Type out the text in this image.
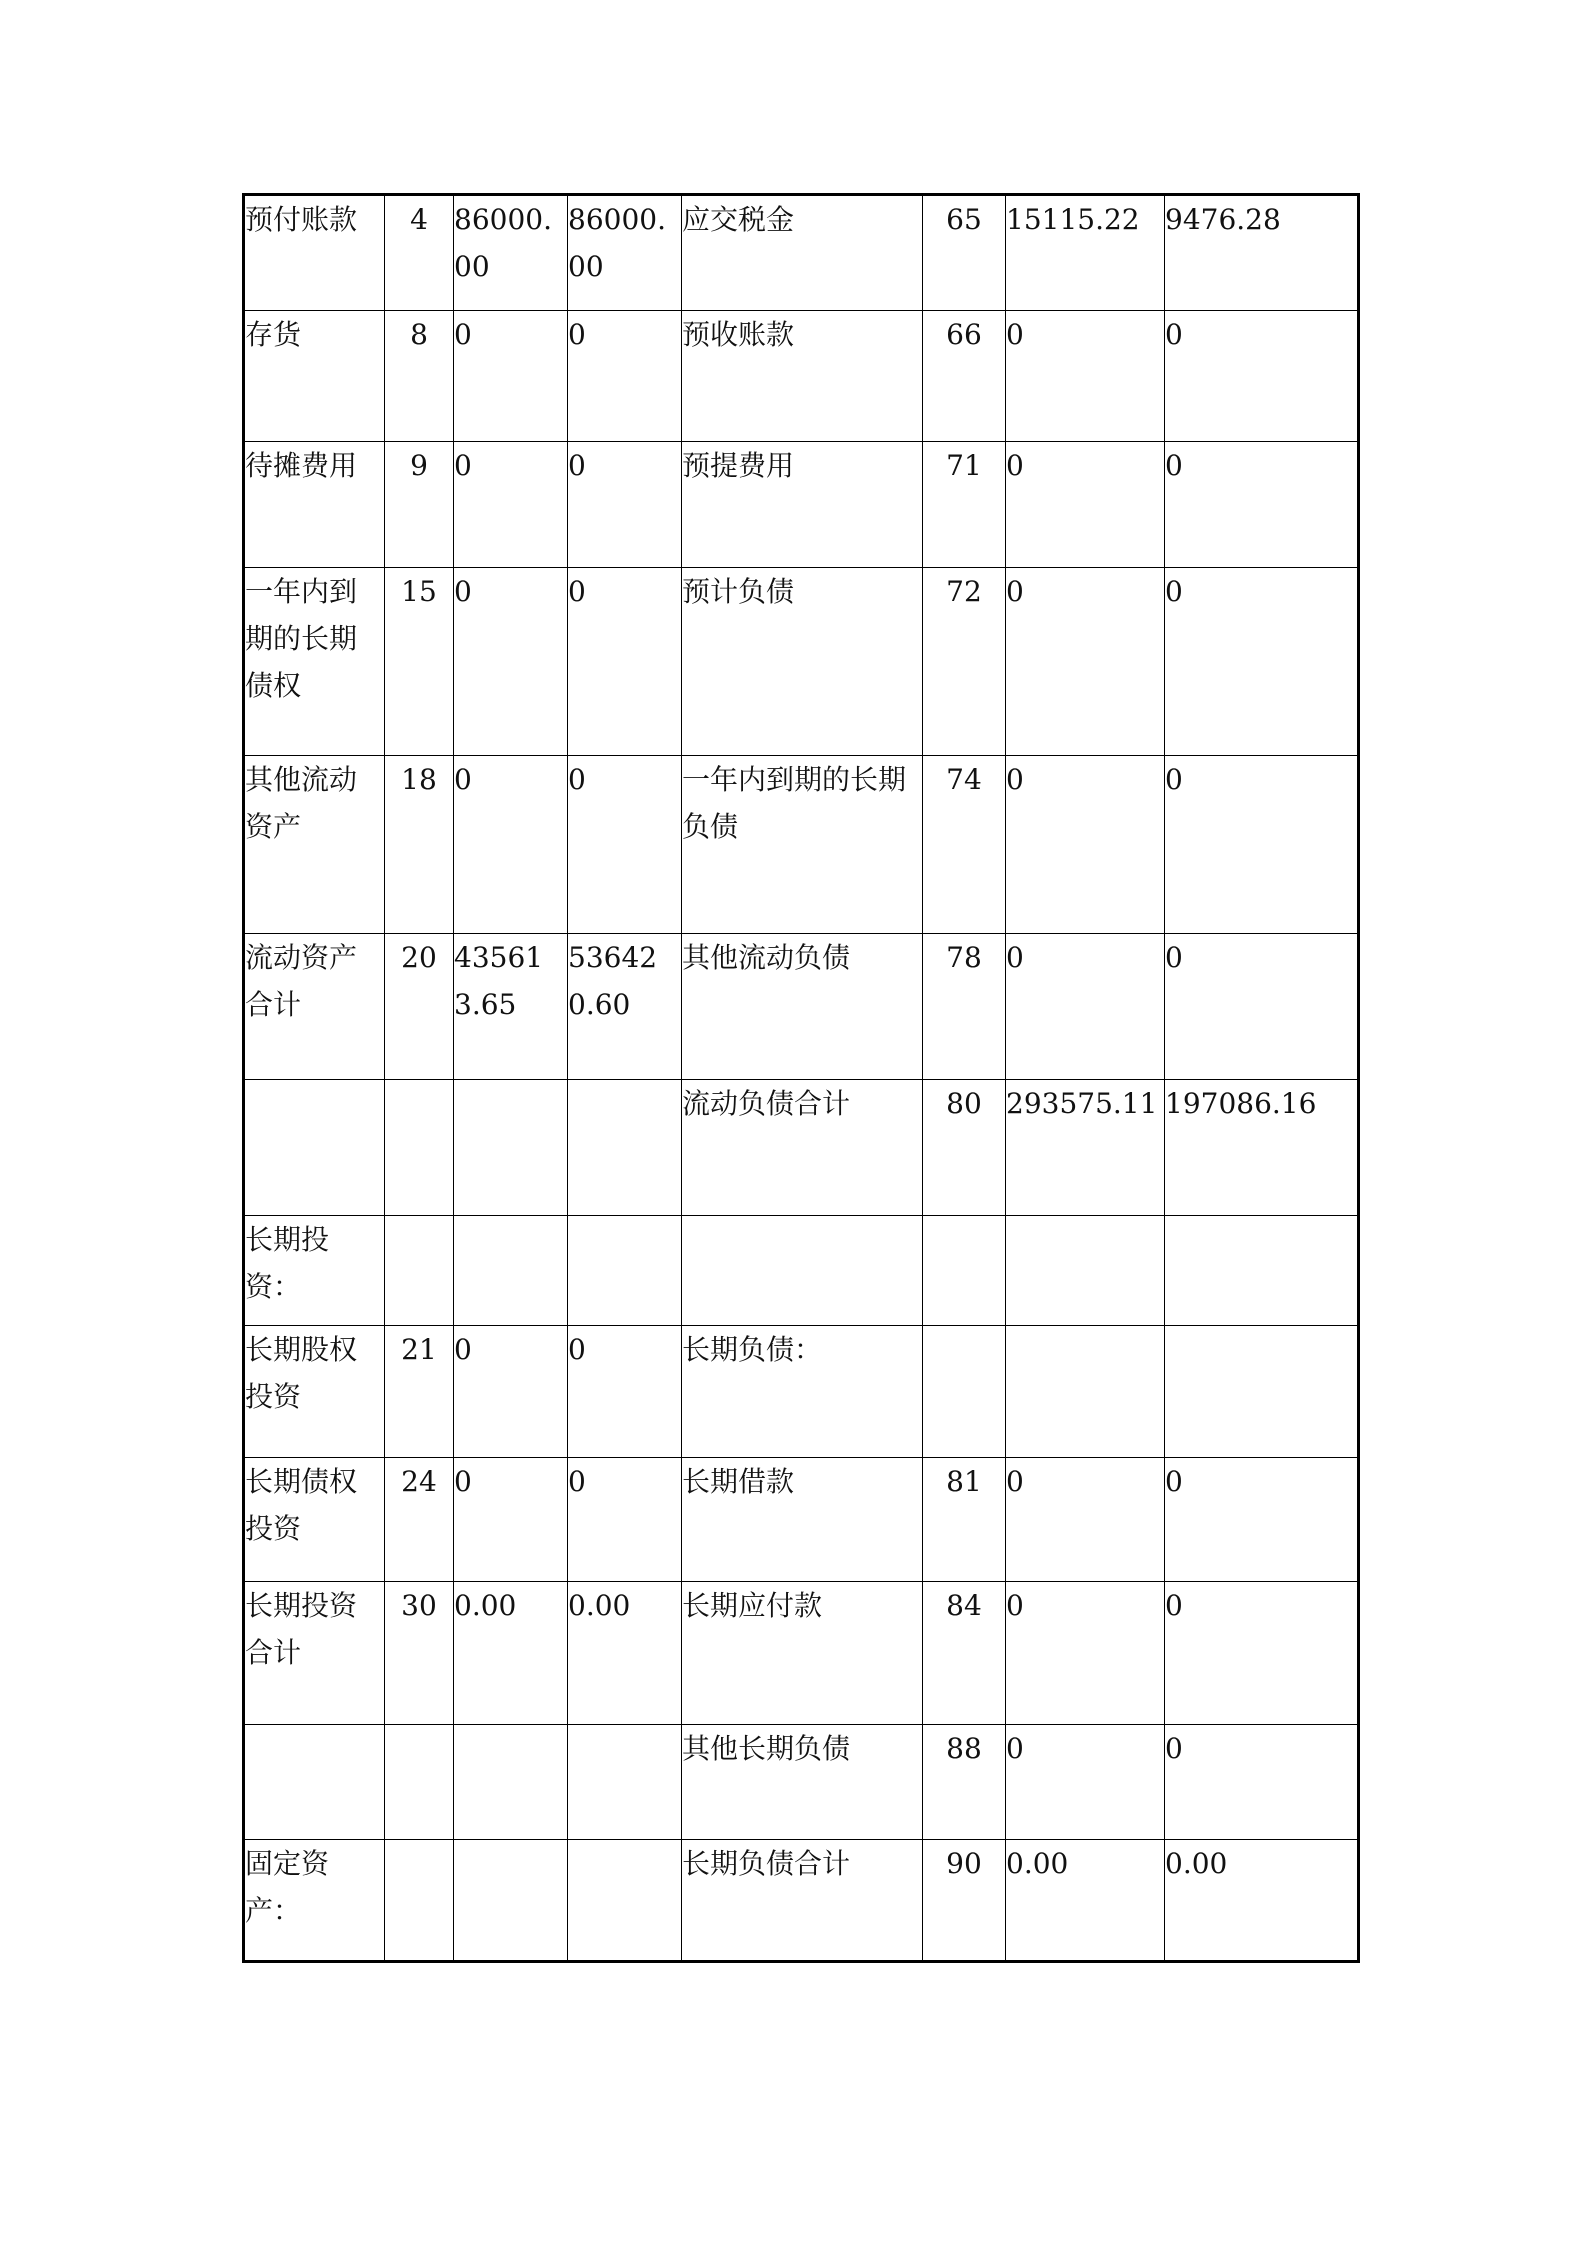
预付账款	4	86000.00	86000.00	应交税金	65	15115.22	9476.28

存货	8	0	0	预收账款	66	0	0

待摊费用	9	0	0	预提费用	71	0	0

一年内到期的长期债权	15	0	0	预计负债	72	0	0

其他流动资产	18	0	0	一年内到期的长期负债	74	0	0

流动资产合计	20	435613.65	536420.60	其他流动负债	78	0	0

				流动负债合计	80	293575.11	197086.16

长期投资：							

长期股权投资	21	0	0	长期负债：			

长期债权投资	24	0	0	长期借款	81	0	0

长期投资合计	30	0.00	0.00	长期应付款	84	0	0

				其他长期负债	88	0	0

固定资产：				长期负债合计	90	0.00	0.00
